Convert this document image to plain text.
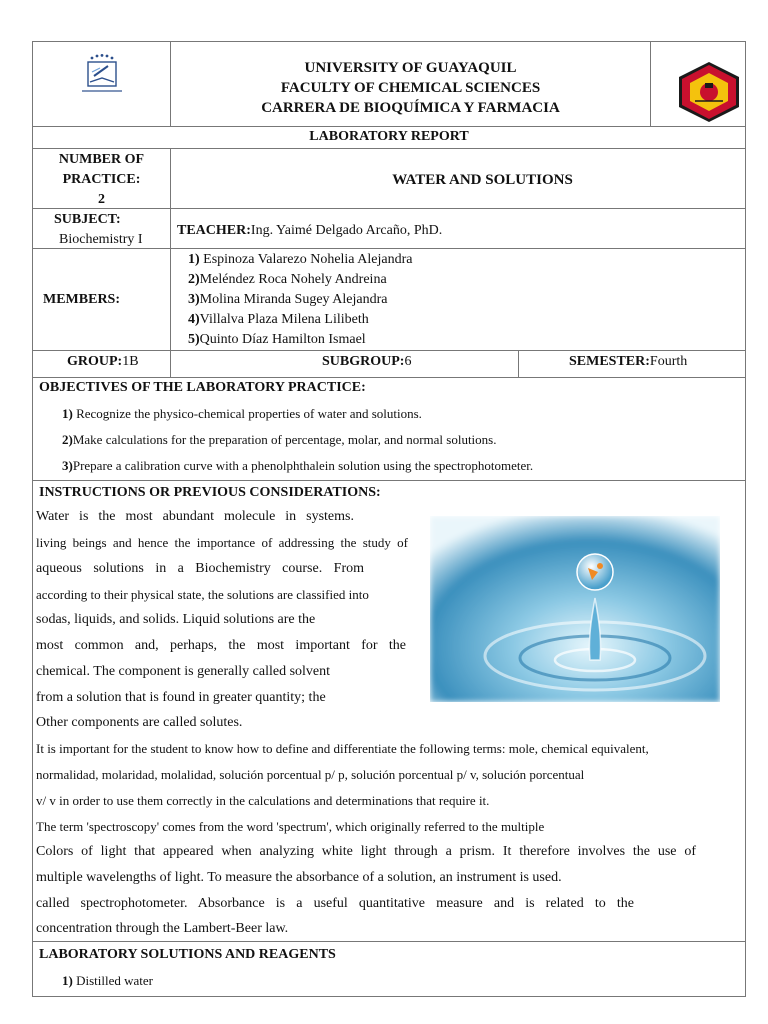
UNIVERSITY OF GUAYAQUIL
FACULTY OF CHEMICAL SCIENCES
CARRERA DE BIOQUÍMICA Y FARMACIA
LABORATORY REPORT
NUMBER OF
PRACTICE:
2
WATER AND SOLUTIONS
SUBJECT:
Biochemistry I
TEACHER:Ing. Yaimé Delgado Arcaño, PhD.
MEMBERS:
1) Espinoza Valarezo Nohelia Alejandra
2)Meléndez Roca Nohely Andreina
3)Molina Miranda Sugey Alejandra
4)Villalva Plaza Milena Lilibeth
5)Quinto Díaz Hamilton Ismael
GROUP:1B	SUBGROUP:6	SEMESTER:Fourth
OBJECTIVES OF THE LABORATORY PRACTICE:
1) Recognize the physico-chemical properties of water and solutions.
2)Make calculations for the preparation of percentage, molar, and normal solutions.
3)Prepare a calibration curve with a phenolphthalein solution using the spectrophotometer.
INSTRUCTIONS OR PREVIOUS CONSIDERATIONS:
Water is the most abundant molecule in systems.
living beings and hence the importance of addressing the study of
aqueous solutions in a Biochemistry course. From
according to their physical state, the solutions are classified into
sodas, liquids, and solids. Liquid solutions are the
most common and, perhaps, the most important for the
chemical. The component is generally called solvent
from a solution that is found in greater quantity; the
Other components are called solutes.
It is important for the student to know how to define and differentiate the following terms: mole, chemical equivalent,
normalidad, molaridad, molalidad, solución porcentual p/ p, solución porcentual p/ v, solución porcentual
v/ v in order to use them correctly in the calculations and determinations that require it.
The term 'spectroscopy' comes from the word 'spectrum', which originally referred to the multiple
Colors of light that appeared when analyzing white light through a prism. It therefore involves the use of
multiple wavelengths of light. To measure the absorbance of a solution, an instrument is used.
called spectrophotometer. Absorbance is a useful quantitative measure and is related to the
concentration through the Lambert-Beer law.
LABORATORY SOLUTIONS AND REAGENTS
1) Distilled water
